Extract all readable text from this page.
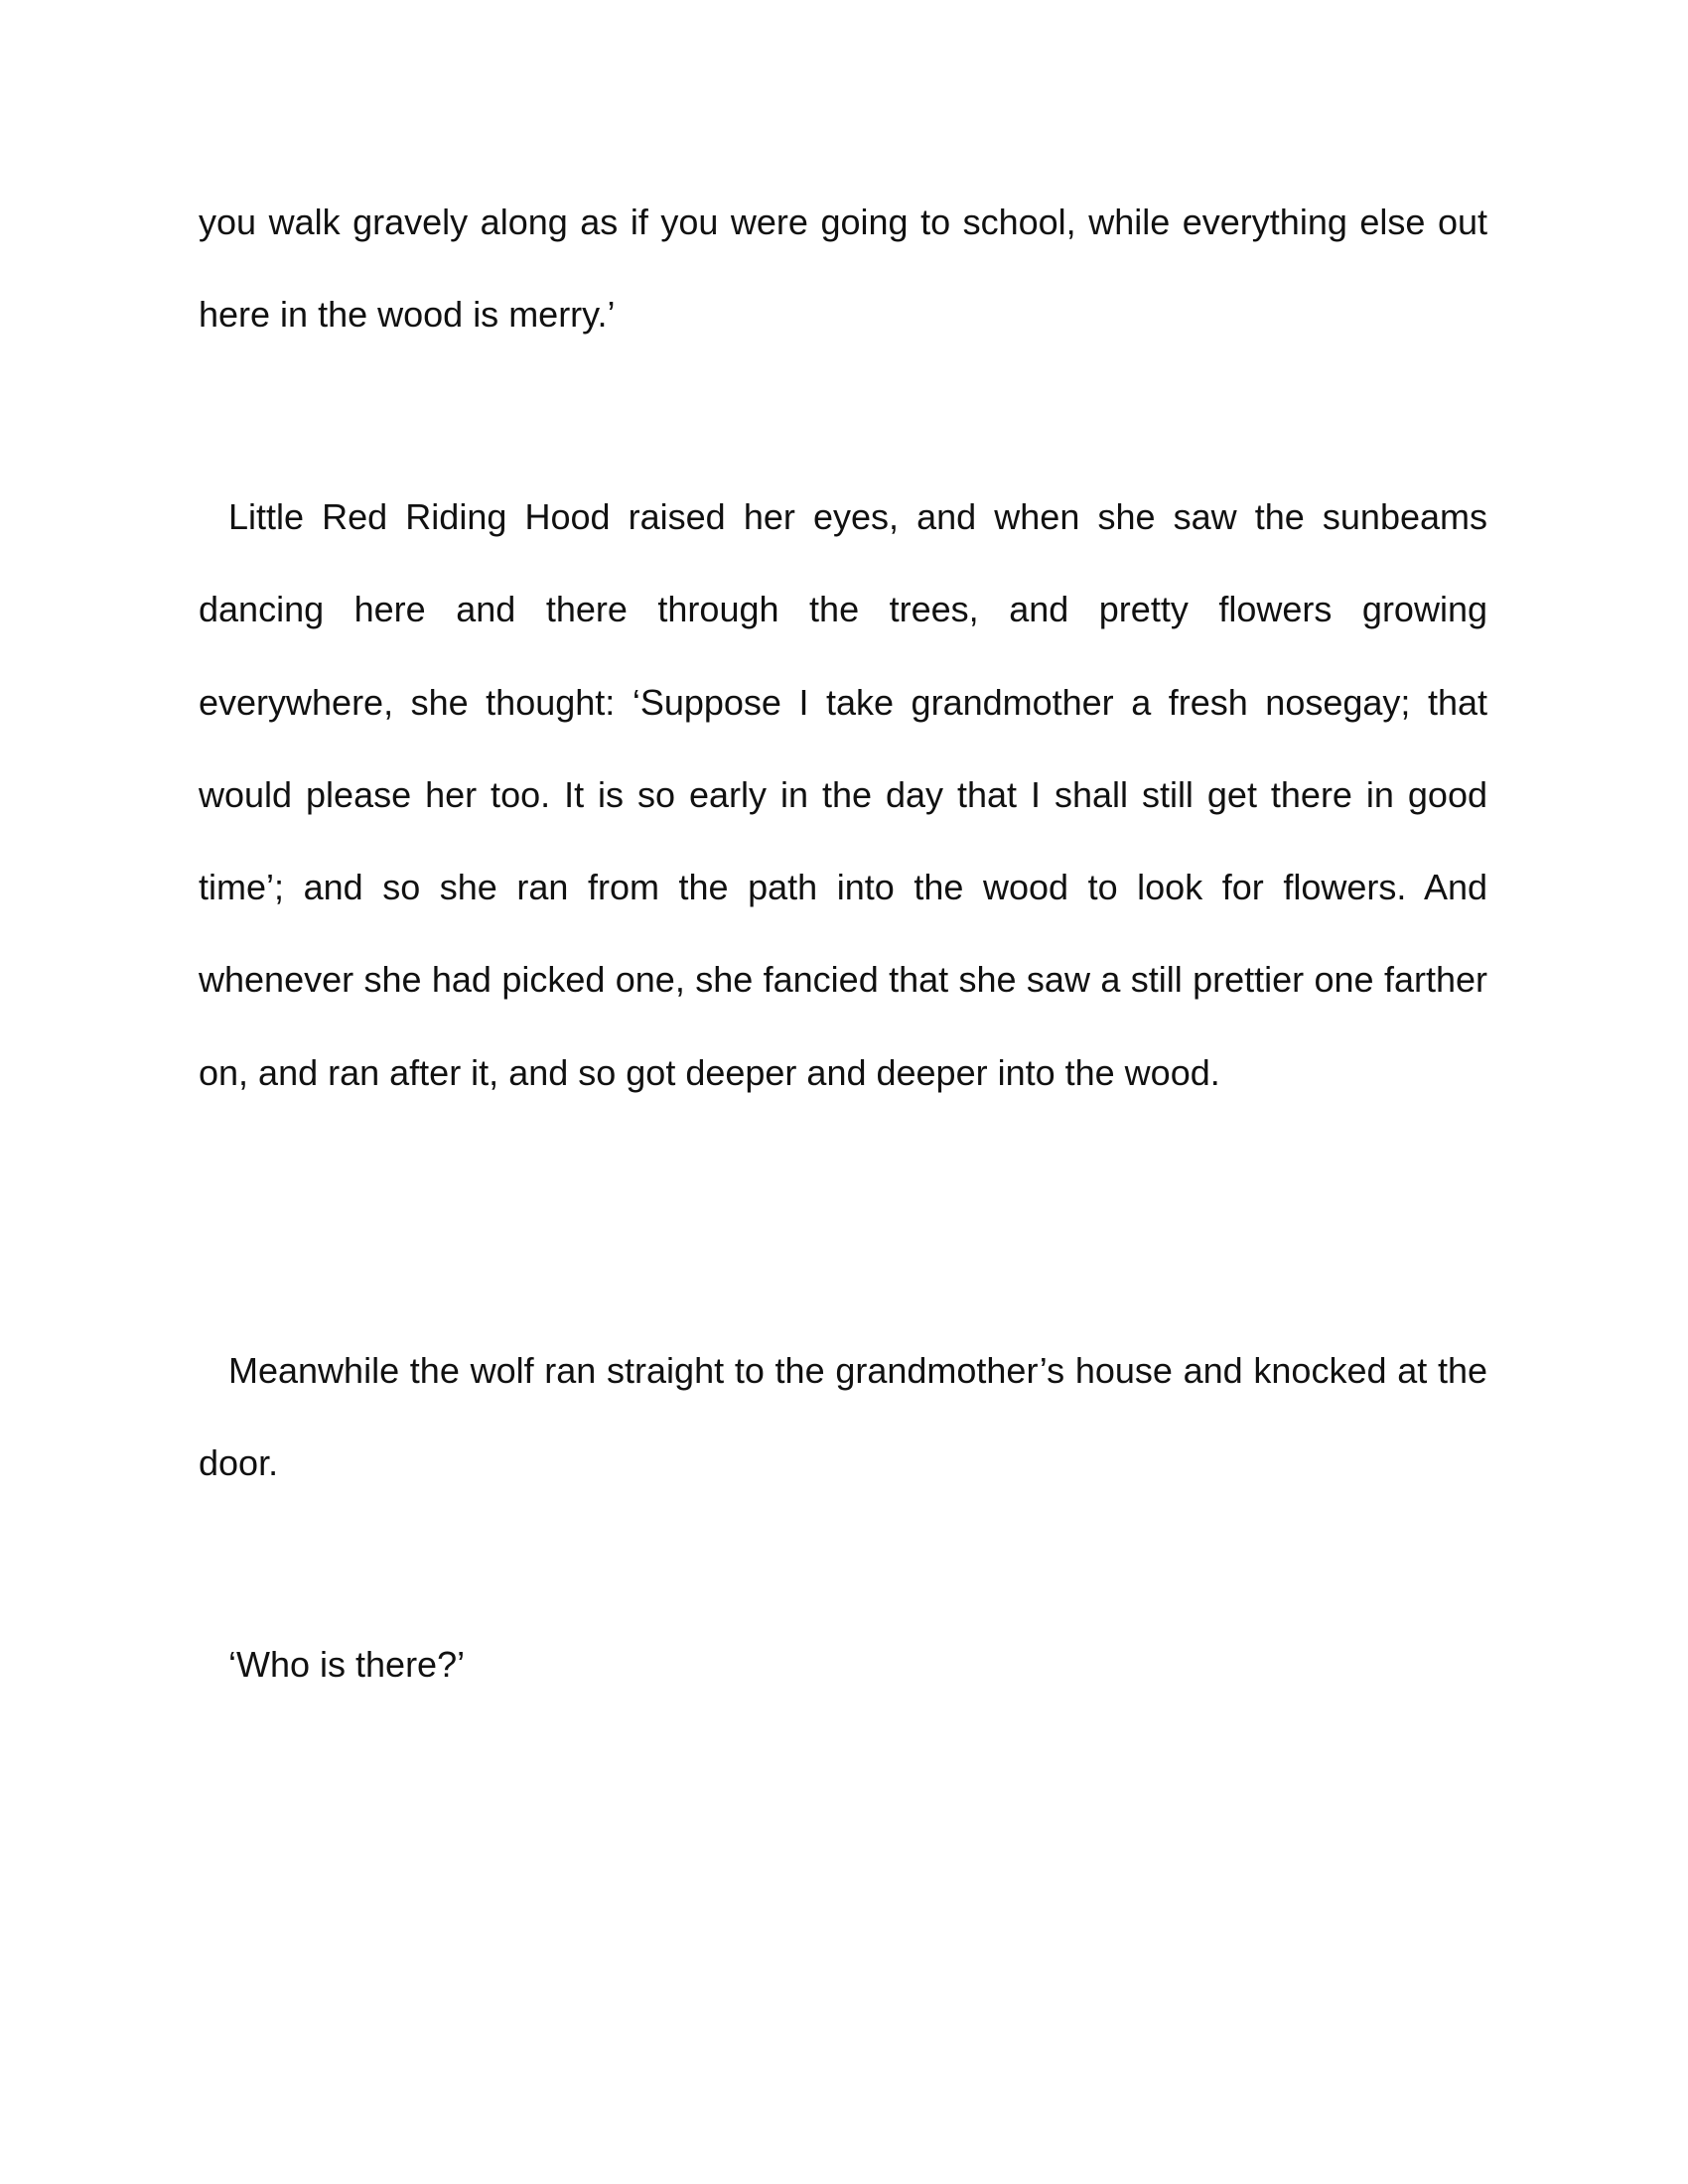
you walk gravely along as if you were going to school, while everything else out here in the wood is merry.’

Little Red Riding Hood raised her eyes, and when she saw the sunbeams dancing here and there through the trees, and pretty flowers growing everywhere, she thought: ‘Suppose I take grandmother a fresh nosegay; that would please her too. It is so early in the day that I shall still get there in good time’; and so she ran from the path into the wood to look for flowers. And whenever she had picked one, she fancied that she saw a still prettier one farther on, and ran after it, and so got deeper and deeper into the wood.

Meanwhile the wolf ran straight to the grandmother’s house and knocked at the door.

‘Who is there?’
